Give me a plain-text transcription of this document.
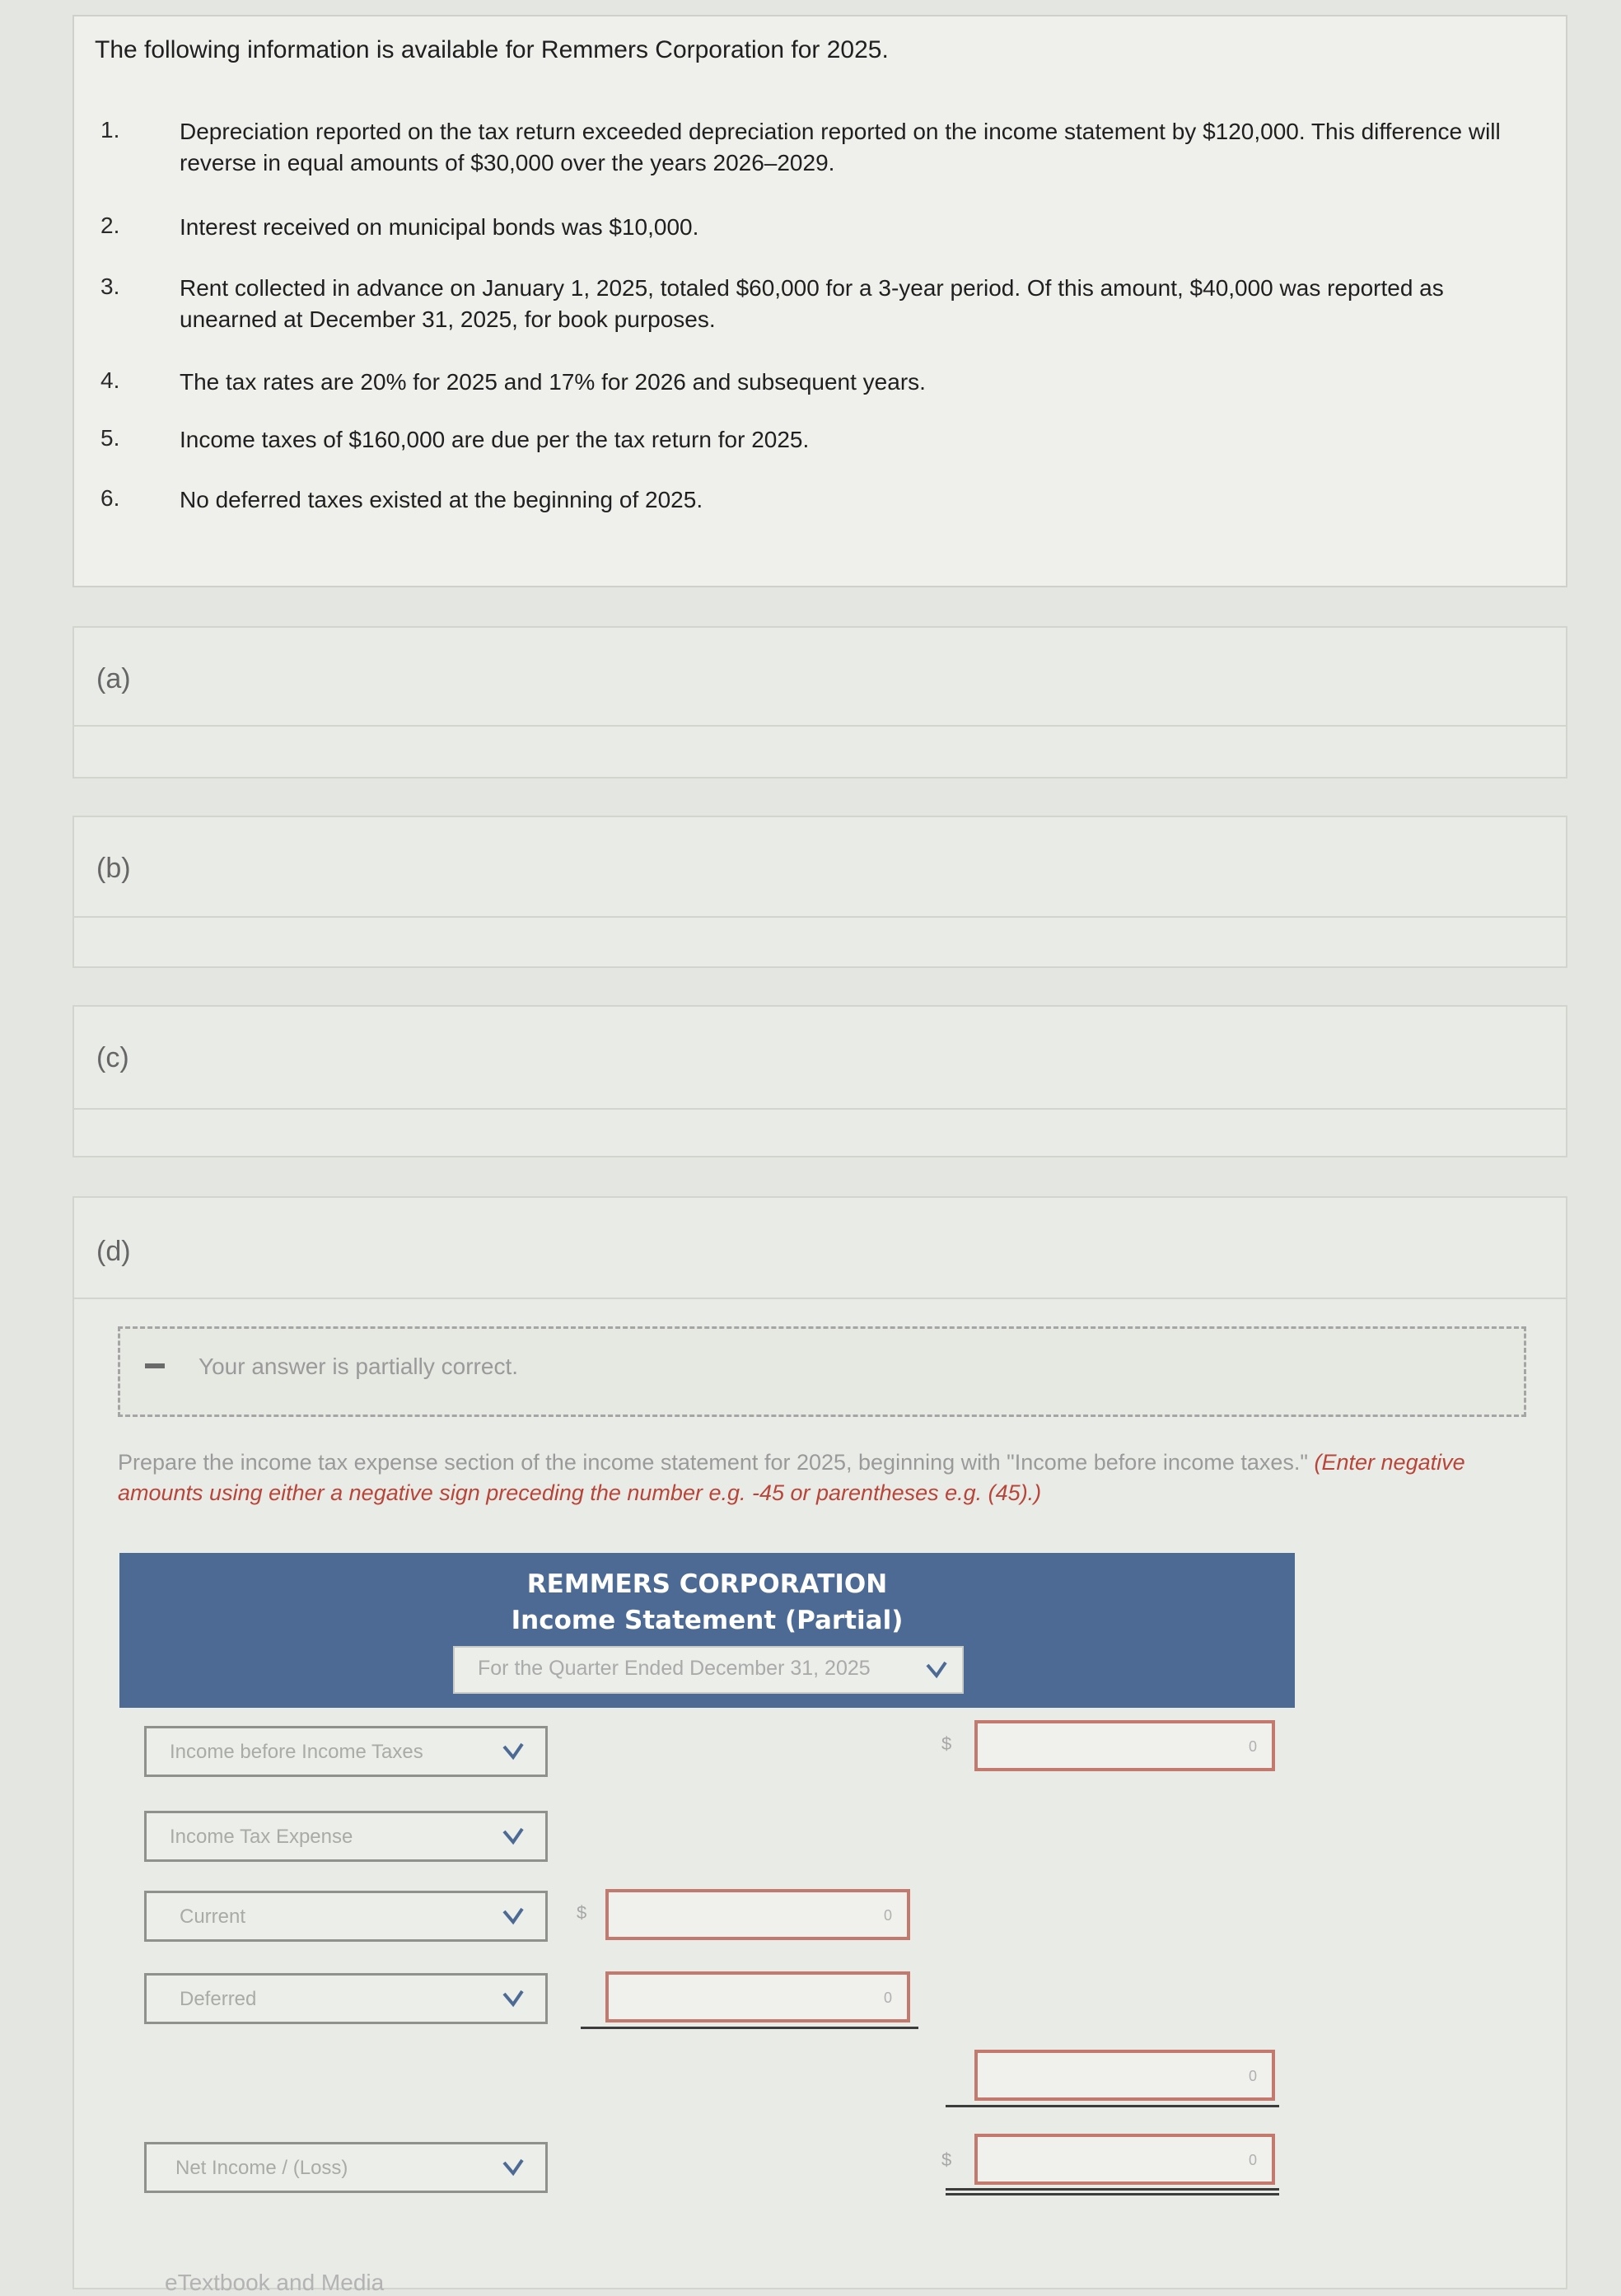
The following information is available for Remmers Corporation for 2025.
1.	Depreciation reported on the tax return exceeded depreciation reported on the income statement by $120,000. This difference will reverse in equal amounts of $30,000 over the years 2026–2029.
2.	Interest received on municipal bonds was $10,000.
3.	Rent collected in advance on January 1, 2025, totaled $60,000 for a 3-year period. Of this amount, $40,000 was reported as unearned at December 31, 2025, for book purposes.
4.	The tax rates are 20% for 2025 and 17% for 2026 and subsequent years.
5.	Income taxes of $160,000 are due per the tax return for 2025.
6.	No deferred taxes existed at the beginning of 2025.
(a)
(b)
(c)
(d)
Your answer is partially correct.
Prepare the income tax expense section of the income statement for 2025, beginning with "Income before income taxes." (Enter negative amounts using either a negative sign preceding the number e.g. -45 or parentheses e.g. (45).)
REMMERS CORPORATION
Income Statement (Partial)
For the Quarter Ended December 31, 2025
Income before Income Taxes	$	0
Income Tax Expense
Current	$	0
Deferred	0
0
Net Income / (Loss)	$	0
eTextbook and Media
